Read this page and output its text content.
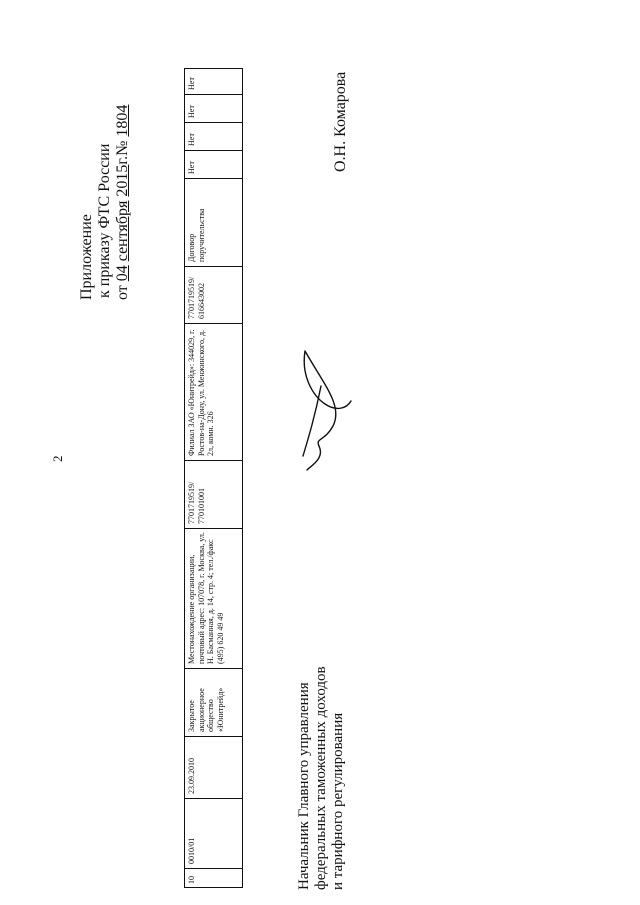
2
Приложение к приказу ФТС России от 04 сентября 2015г.№ 1804
10
0010/01
23.09.2010
Закрытое акционерное общество «Юнитрейд»
Местонахождение организации, почтовый адрес: 107078, г. Москва, ул. Н. Басманная, д. 14, стр. 4; тел./факс (495) 620 49 49
7701719519/ 770101001
Филиал ЗАО «Юнитрейд»: 344029, г. Ростов-на-Дону, ул. Менжинского, д. 2л, комн. 326
7701719519/ 616643002
Договор поручительства
Нет
Нет
Нет
Нет
Начальник Главного управления федеральных таможенных доходов и тарифного регулирования
О.Н. Комарова
